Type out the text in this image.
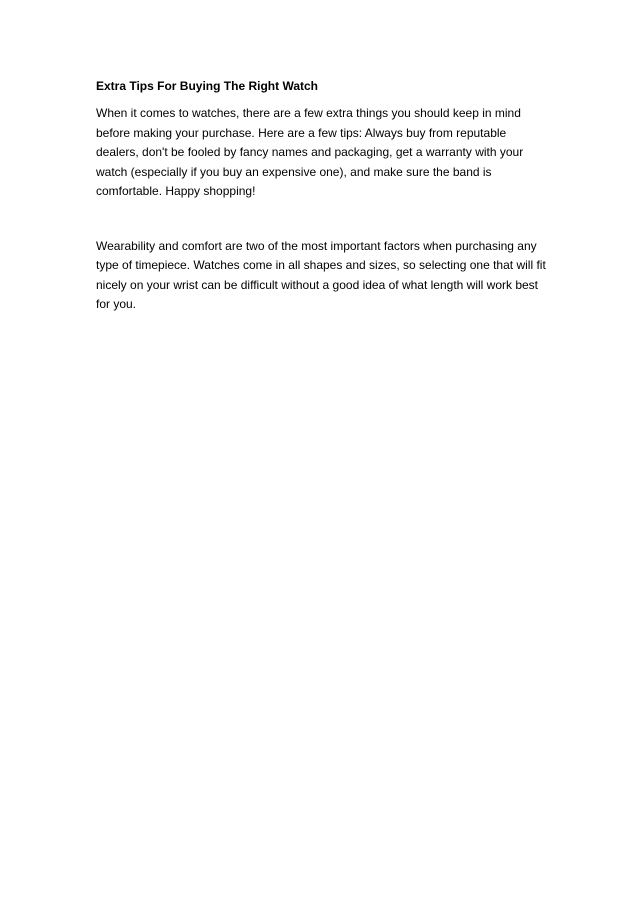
Extra Tips For Buying The Right Watch

When it comes to watches, there are a few extra things you should keep in mind before making your purchase. Here are a few tips: Always buy from reputable dealers, don't be fooled by fancy names and packaging, get a warranty with your watch (especially if you buy an expensive one), and make sure the band is comfortable. Happy shopping!

Wearability and comfort are two of the most important factors when purchasing any type of timepiece. Watches come in all shapes and sizes, so selecting one that will fit nicely on your wrist can be difficult without a good idea of what length will work best for you.
